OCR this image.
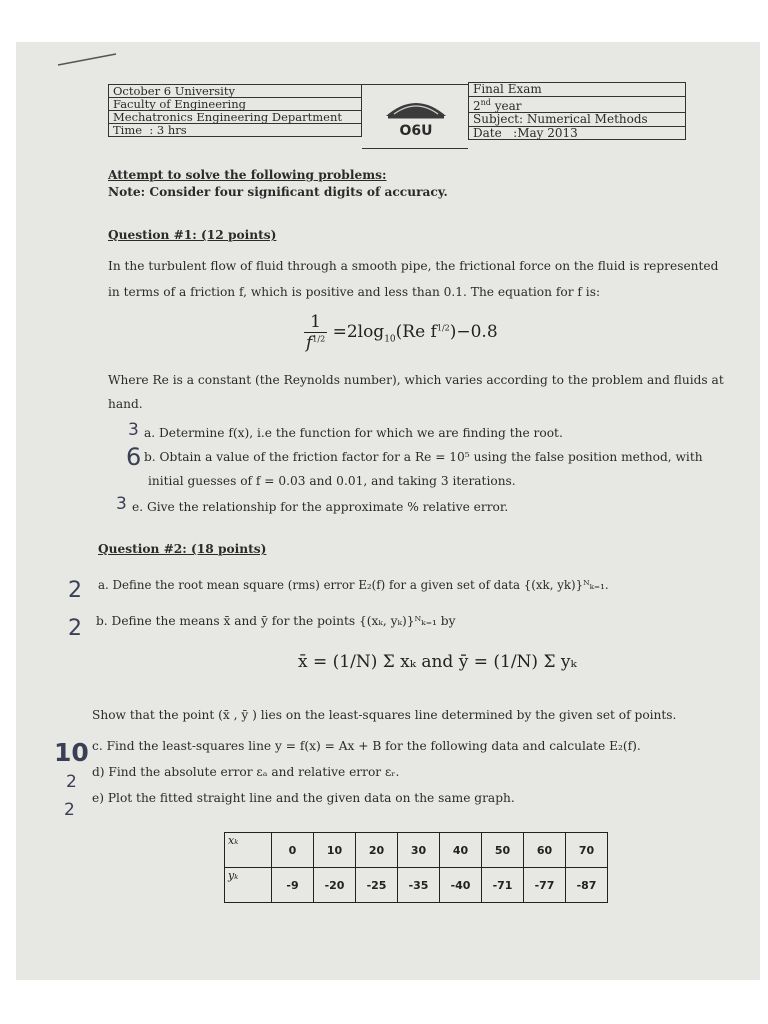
October 6 University
Faculty of Engineering
Mechatronics Engineering Department
Time : 3 hrs	O6U
Final Exam
2nd year
Subject: Numerical Methods
Date :May 2013
Attempt to solve the following problems:
Note: Consider four significant digits of accuracy.
Question #1: (12 points)
In the turbulent flow of fluid through a smooth pipe, the frictional force on the fluid is represented
in terms of a friction f, which is positive and less than 0.1. The equation for f is:
$\frac{1}{f^{1/2}} =2\log_{10}(Re$ $f^{1/2})-0.8$
Where Re is a constant (the Reynolds number), which varies according to the problem and fluids at
hand.
a. Determine f(x), i.e the function for which we are finding the root.
b. Obtain a value of the friction factor for a Re = 10⁵ using the false position method, with
initial guesses of f = 0.03 and 0.01, and taking 3 iterations.
e. Give the relationship for the approximate % relative error.
Question #2: (18 points)
a. Define the root mean square (rms) error E₂(f) for a given set of data {(xk, yk)}ᴺₖ₌₁.
b. Define the means x̄ and ȳ for the points {(xₖ, yₖ)}ᴺₖ₌₁ by
x̄ = (1/N) Σ xₖ and ȳ = (1/N) Σ yₖ
Show that the point (x̄ , ȳ ) lies on the least-squares line determined by the given set of points.
c. Find the least-squares line y = f(x) = Ax + B for the following data and calculate E₂(f).
d) Find the absolute error εₐ and relative error εᵣ.
e) Plot the fitted straight line and the given data on the same graph.
3
6
3
2
2
10
2
2
xₖ	0	10	20	30	40	50	60	70
yₖ	-9	-20	-25	-35	-40	-71	-77	-87
